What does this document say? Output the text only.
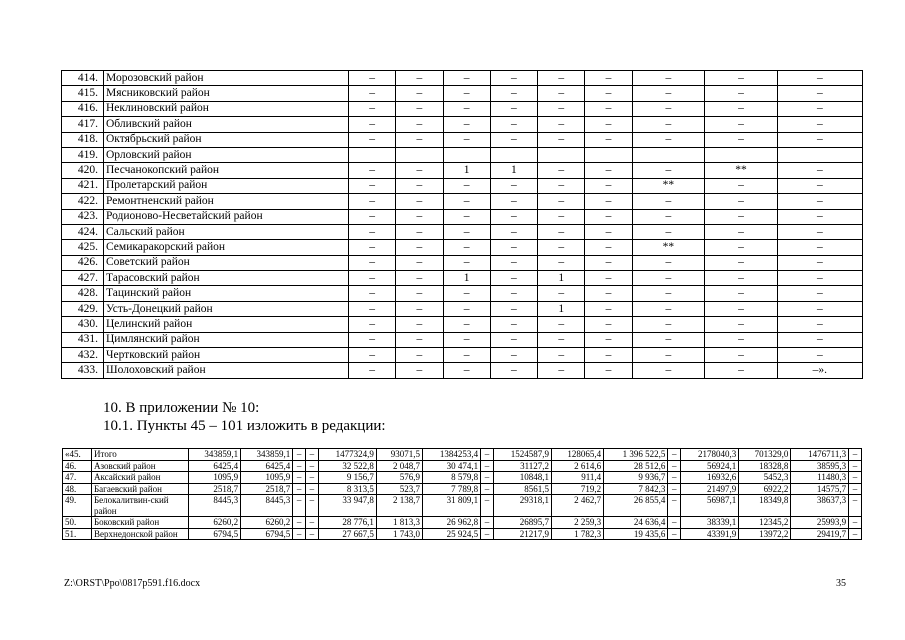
414.	Морозовский район	–	–	–	–	–	–	–	–	–
415.	Мясниковский район	–	–	–	–	–	–	–	–	–
416.	Неклиновский район	–	–	–	–	–	–	–	–	–
417.	Обливский район	–	–	–	–	–	–	–	–	–
418.	Октябрьский район	–	–	–	–	–	–	–	–	–
419.	Орловский район									
420.	Песчанокопский район	–	–	1	1	–	–	–	**	–
421.	Пролетарский район	–	–	–	–	–	–	**	–	–
422.	Ремонтненский район	–	–	–	–	–	–	–	–	–
423.	Родионово-Несветайский район	–	–	–	–	–	–	–	–	–
424.	Сальский район	–	–	–	–	–	–	–	–	–
425.	Семикаракорский район	–	–	–	–	–	–	**	–	–
426.	Советский район	–	–	–	–	–	–	–	–	–
427.	Тарасовский район	–	–	1	–	1	–	–	–	–
428.	Тацинский район	–	–	–	–	–	–	–	–	–
429.	Усть-Донецкий район	–	–	–	–	1	–	–	–	–
430.	Целинский район	–	–	–	–	–	–	–	–	–
431.	Цимлянский район	–	–	–	–	–	–	–	–	–
432.	Чертковский район	–	–	–	–	–	–	–	–	–
433.	Шолоховский район	–	–	–	–	–	–	–	–	–».
10. В приложении № 10:
10.1. Пункты 45 – 101 изложить в редакции:
«45.	Итого	343859,1	343859,1	–	–	1477324,9	93071,5	1384253,4	–	1524587,9	128065,4	1 396 522,5	–	2178040,3	701329,0	1476711,3	–
46.	Азовский район	6425,4	6425,4	–	–	32 522,8	2 048,7	30 474,1	–	31127,2	2 614,6	28 512,6	–	56924,1	18328,8	38595,3	–
47.	Аксайский район	1095,9	1095,9	–	–	9 156,7	576,9	8 579,8	–	10848,1	911,4	9 936,7	–	16932,6	5452,3	11480,3	–
48.	Багаевский район	2518,7	2518,7	–	–	8 313,5	523,7	7 789,8	–	8561,5	719,2	7 842,3	–	21497,9	6922,2	14575,7	–
49.	Белокалитвин-ский район	8445,3	8445,3	–	–	33 947,8	2 138,7	31 809,1	–	29318,1	2 462,7	26 855,4	–	56987,1	18349,8	38637,3	–
50.	Боковский район	6260,2	6260,2	–	–	28 776,1	1 813,3	26 962,8	–	26895,7	2 259,3	24 636,4	–	38339,1	12345,2	25993,9	–
51.	Верхнедонской район	6794,5	6794,5	–	–	27 667,5	1 743,0	25 924,5	–	21217,9	1 782,3	19 435,6	–	43391,9	13972,2	29419,7	–
Z:\ORST\Ppo\0817p591.f16.docx	35
